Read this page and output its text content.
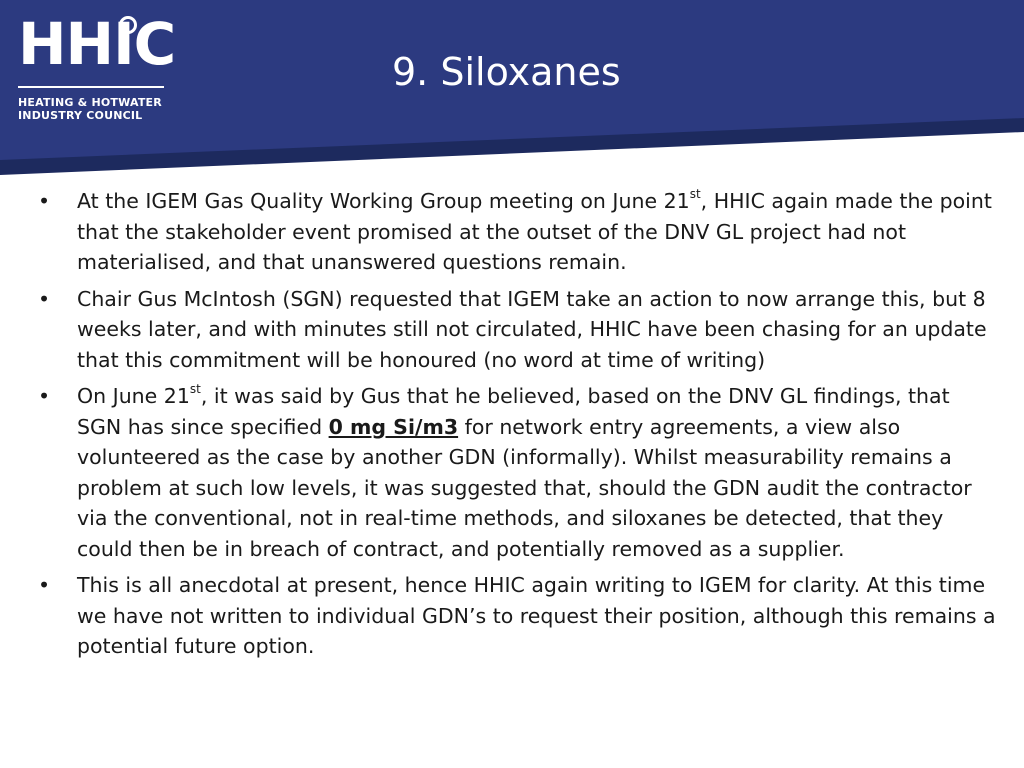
HHIC
HEATING & HOTWATER
INDUSTRY COUNCIL
9. Siloxanes
• At the IGEM Gas Quality Working Group meeting on June 21st, HHIC again made the point that the stakeholder event promised at the outset of the DNV GL project had not materialised, and that unanswered questions remain.
• Chair Gus McIntosh (SGN) requested that IGEM take an action to now arrange this, but 8 weeks later, and with minutes still not circulated, HHIC have been chasing for an update that this commitment will be honoured (no word at time of writing)
• On June 21st, it was said by Gus that he believed, based on the DNV GL findings, that SGN has since specified 0 mg Si/m3 for network entry agreements, a view also volunteered as the case by another GDN (informally). Whilst measurability remains a problem at such low levels, it was suggested that, should the GDN audit the contractor via the conventional, not in real-time methods, and siloxanes be detected, that they could then be in breach of contract, and potentially removed as a supplier.
• This is all anecdotal at present, hence HHIC again writing to IGEM for clarity. At this time we have not written to individual GDN’s to request their position, although this remains a potential future option.
